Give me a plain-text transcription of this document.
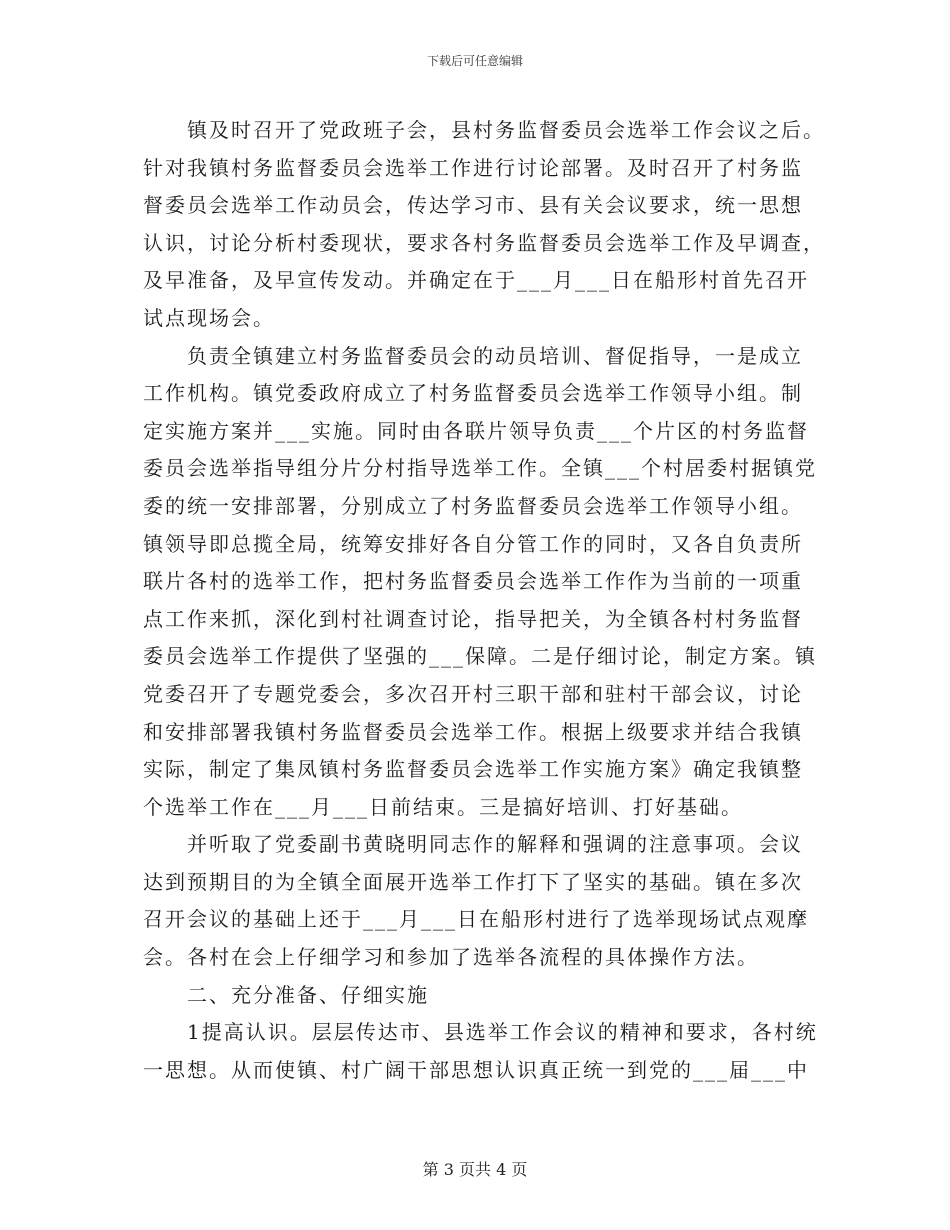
下载后可任意编辑
镇及时召开了党政班子会，县村务监督委员会选举工作会议之后。
针对我镇村务监督委员会选举工作进行讨论部署。及时召开了村务监
督委员会选举工作动员会，传达学习市、县有关会议要求，统一思想
认识，讨论分析村委现状，要求各村务监督委员会选举工作及早调查，
及早准备，及早宣传发动。并确定在于___月___日在船形村首先召开
试点现场会。
负责全镇建立村务监督委员会的动员培训、督促指导，一是成立
工作机构。镇党委政府成立了村务监督委员会选举工作领导小组。制
定实施方案并___实施。同时由各联片领导负责___个片区的村务监督
委员会选举指导组分片分村指导选举工作。全镇___个村居委村据镇党
委的统一安排部署，分别成立了村务监督委员会选举工作领导小组。
镇领导即总揽全局，统筹安排好各自分管工作的同时，又各自负责所
联片各村的选举工作，把村务监督委员会选举工作作为当前的一项重
点工作来抓，深化到村社调查讨论，指导把关，为全镇各村村务监督
委员会选举工作提供了坚强的___保障。二是仔细讨论，制定方案。镇
党委召开了专题党委会，多次召开村三职干部和驻村干部会议，讨论
和安排部署我镇村务监督委员会选举工作。根据上级要求并结合我镇
实际，制定了集凤镇村务监督委员会选举工作实施方案》确定我镇整
个选举工作在___月___日前结束。三是搞好培训、打好基础。
并听取了党委副书黄晓明同志作的解释和强调的注意事项。会议
达到预期目的为全镇全面展开选举工作打下了坚实的基础。镇在多次
召开会议的基础上还于___月___日在船形村进行了选举现场试点观摩
会。各村在会上仔细学习和参加了选举各流程的具体操作方法。
二、充分准备、仔细实施
1提高认识。层层传达市、县选举工作会议的精神和要求，各村统
一思想。从而使镇、村广阔干部思想认识真正统一到党的___届___中
第 3 页共 4 页
